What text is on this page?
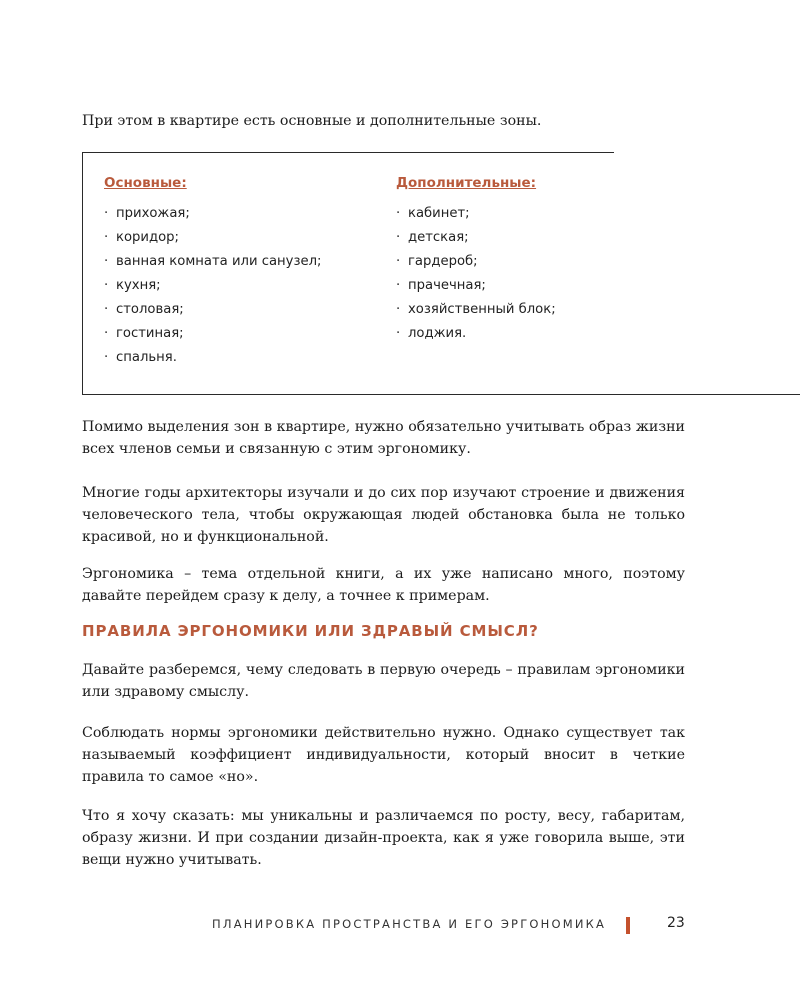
При этом в квартире есть основные и дополнительные зоны.

Основные:
· прихожая;
· коридор;
· ванная комната или санузел;
· кухня;
· столовая;
· гостиная;
· спальня.
Дополнительные:
· кабинет;
· детская;
· гардероб;
· прачечная;
· хозяйственный блок;
· лоджия.

Помимо выделения зон в квартире, нужно обязательно учитывать образ жизни всех членов семьи и связанную с этим эргономику.

Многие годы архитекторы изучали и до сих пор изучают строение и движения человеческого тела, чтобы окружающая людей обстановка была не только красивой, но и функциональной.

Эргономика – тема отдельной книги, а их уже написано много, поэтому давайте перейдем сразу к делу, а точнее к примерам.

ПРАВИЛА ЭРГОНОМИКИ ИЛИ ЗДРАВЫЙ СМЫСЛ?

Давайте разберемся, чему следовать в первую очередь – правилам эргономики или здравому смыслу.

Соблюдать нормы эргономики действительно нужно. Однако существует так называемый коэффициент индивидуальности, который вносит в четкие правила то самое «но».

Что я хочу сказать: мы уникальны и различаемся по росту, весу, габаритам, образу жизни. И при создании дизайн-проекта, как я уже говорила выше, эти вещи нужно учитывать.

ПЛАНИРОВКА ПРОСТРАНСТВА И ЕГО ЭРГОНОМИКА	23
